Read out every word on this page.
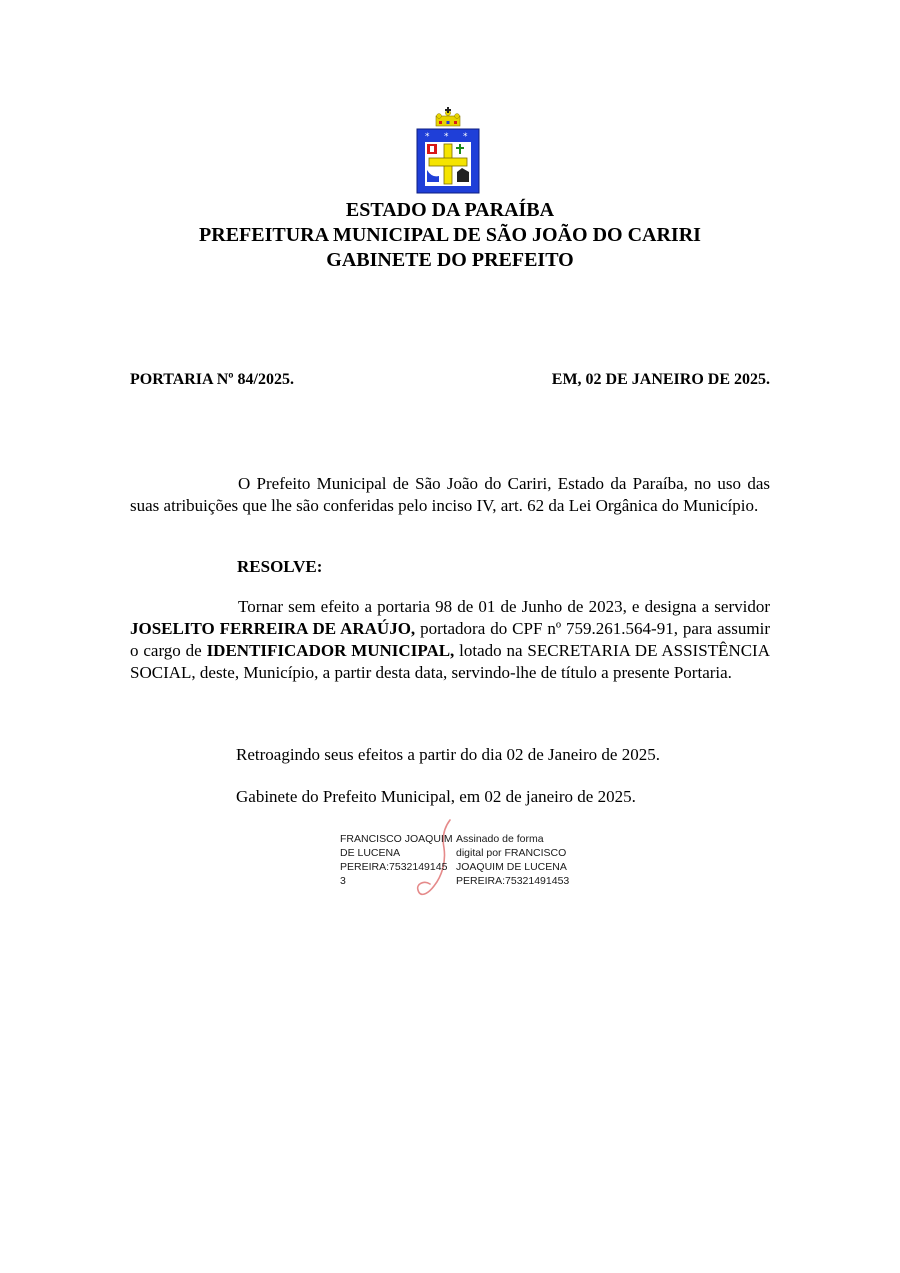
* * *
ESTADO DA PARAÍBA
PREFEITURA MUNICIPAL DE SÃO JOÃO DO CARIRI
GABINETE DO PREFEITO
PORTARIA Nº 84/2025.	EM, 02 DE JANEIRO DE 2025.
O Prefeito Municipal de São João do Cariri, Estado da Paraíba, no uso das suas atribuições que lhe são conferidas pelo inciso IV, art. 62 da Lei Orgânica do Município.
RESOLVE:
Tornar sem efeito a portaria 98 de 01 de Junho de 2023, e designa a servidor JOSELITO FERREIRA DE ARAÚJO, portadora do CPF nº 759.261.564-91, para assumir o cargo de IDENTIFICADOR MUNICIPAL, lotado na SECRETARIA DE ASSISTÊNCIA SOCIAL, deste, Município, a partir desta data, servindo-lhe de título a presente Portaria.
Retroagindo seus efeitos a partir do dia 02 de Janeiro de 2025.
Gabinete do Prefeito Municipal, em 02 de janeiro de 2025.
FRANCISCO JOAQUIM
DE LUCENA
PEREIRA:7532149145
3
Assinado de forma
digital por FRANCISCO
JOAQUIM DE LUCENA
PEREIRA:75321491453
